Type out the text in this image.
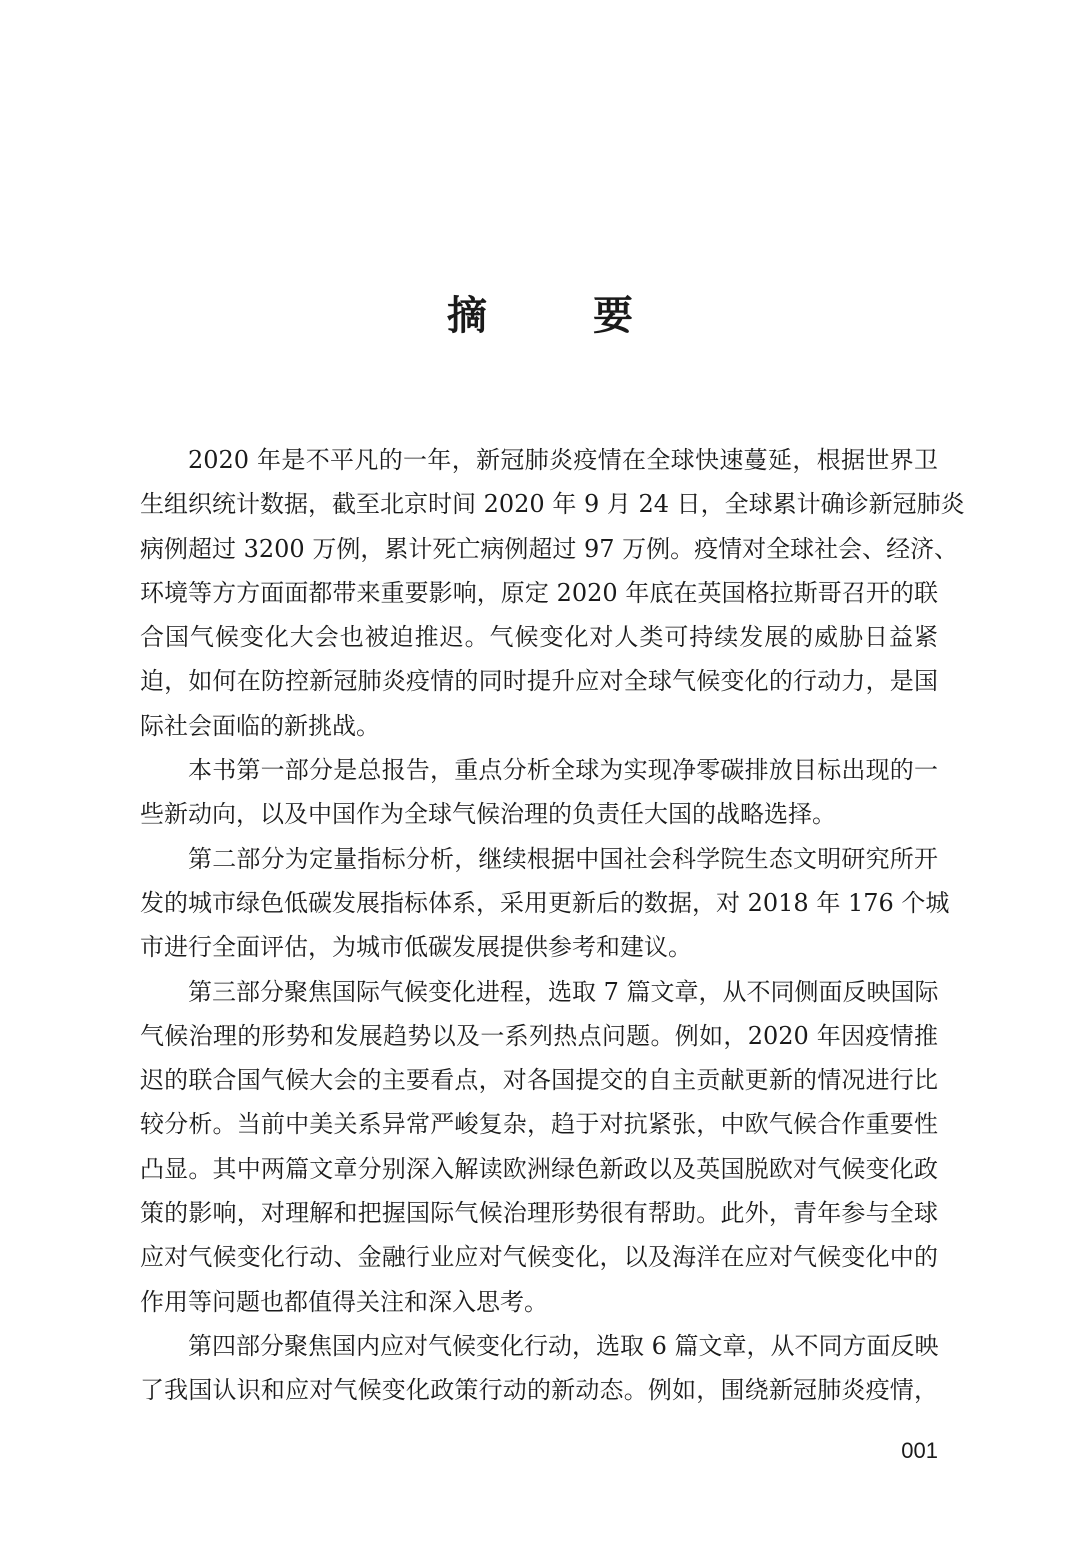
摘 要
2020 年是不平凡的一年，新冠肺炎疫情在全球快速蔓延，根据世界卫
生组织统计数据，截至北京时间 2020 年 9 月 24 日，全球累计确诊新冠肺炎
病例超过 3200 万例，累计死亡病例超过 97 万例。疫情对全球社会、经济、
环境等方方面面都带来重要影响，原定 2020 年底在英国格拉斯哥召开的联
合国气候变化大会也被迫推迟。气候变化对人类可持续发展的威胁日益紧
迫，如何在防控新冠肺炎疫情的同时提升应对全球气候变化的行动力，是国
际社会面临的新挑战。
本书第一部分是总报告，重点分析全球为实现净零碳排放目标出现的一
些新动向，以及中国作为全球气候治理的负责任大国的战略选择。
第二部分为定量指标分析，继续根据中国社会科学院生态文明研究所开
发的城市绿色低碳发展指标体系，采用更新后的数据，对 2018 年 176 个城
市进行全面评估，为城市低碳发展提供参考和建议。
第三部分聚焦国际气候变化进程，选取 7 篇文章，从不同侧面反映国际
气候治理的形势和发展趋势以及一系列热点问题。例如，2020 年因疫情推
迟的联合国气候大会的主要看点，对各国提交的自主贡献更新的情况进行比
较分析。当前中美关系异常严峻复杂，趋于对抗紧张，中欧气候合作重要性
凸显。其中两篇文章分别深入解读欧洲绿色新政以及英国脱欧对气候变化政
策的影响，对理解和把握国际气候治理形势很有帮助。此外，青年参与全球
应对气候变化行动、金融行业应对气候变化，以及海洋在应对气候变化中的
作用等问题也都值得关注和深入思考。
第四部分聚焦国内应对气候变化行动，选取 6 篇文章，从不同方面反映
了我国认识和应对气候变化政策行动的新动态。例如，围绕新冠肺炎疫情，
001
